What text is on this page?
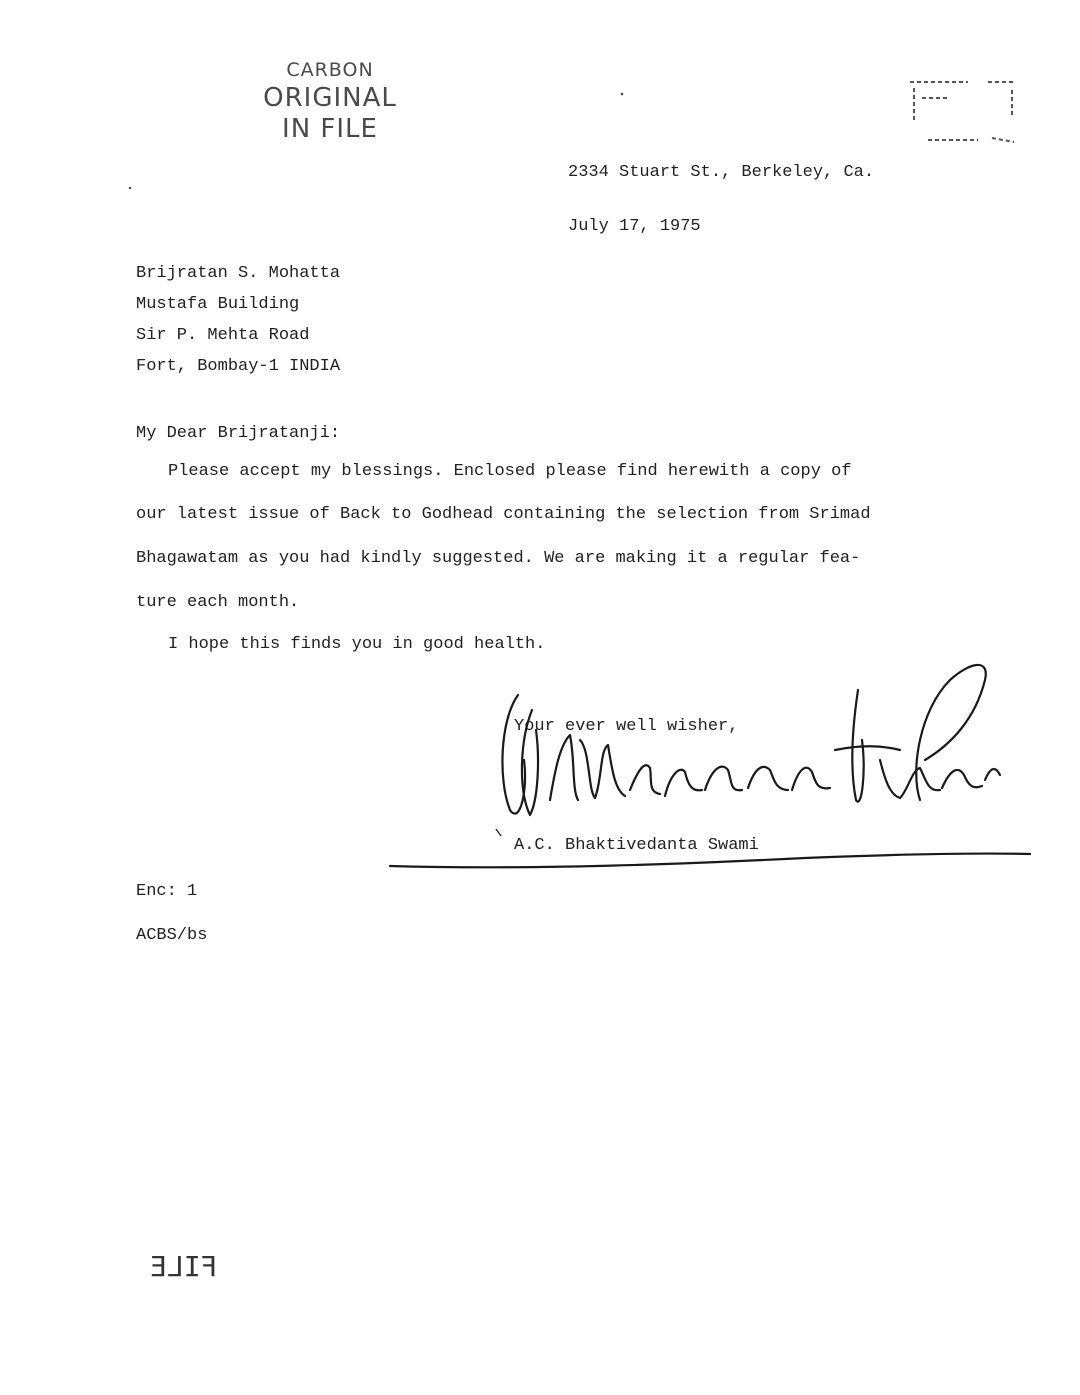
CARBON
ORIGINAL
IN FILE
2334 Stuart St., Berkeley, Ca.
July 17, 1975
Brijratan S. Mohatta
Mustafa Building
Sir P. Mehta Road
Fort, Bombay-1 INDIA
My Dear Brijratanji:
Please accept my blessings. Enclosed please find herewith a copy of
our latest issue of Back to Godhead containing the selection from Srimad
Bhagawatam as you had kindly suggested. We are making it a regular fea-
ture each month.
I hope this finds you in good health.
Your ever well wisher,
A.C. Bhaktivedanta Swami
Enc: 1
ACBS/bs
FILE
